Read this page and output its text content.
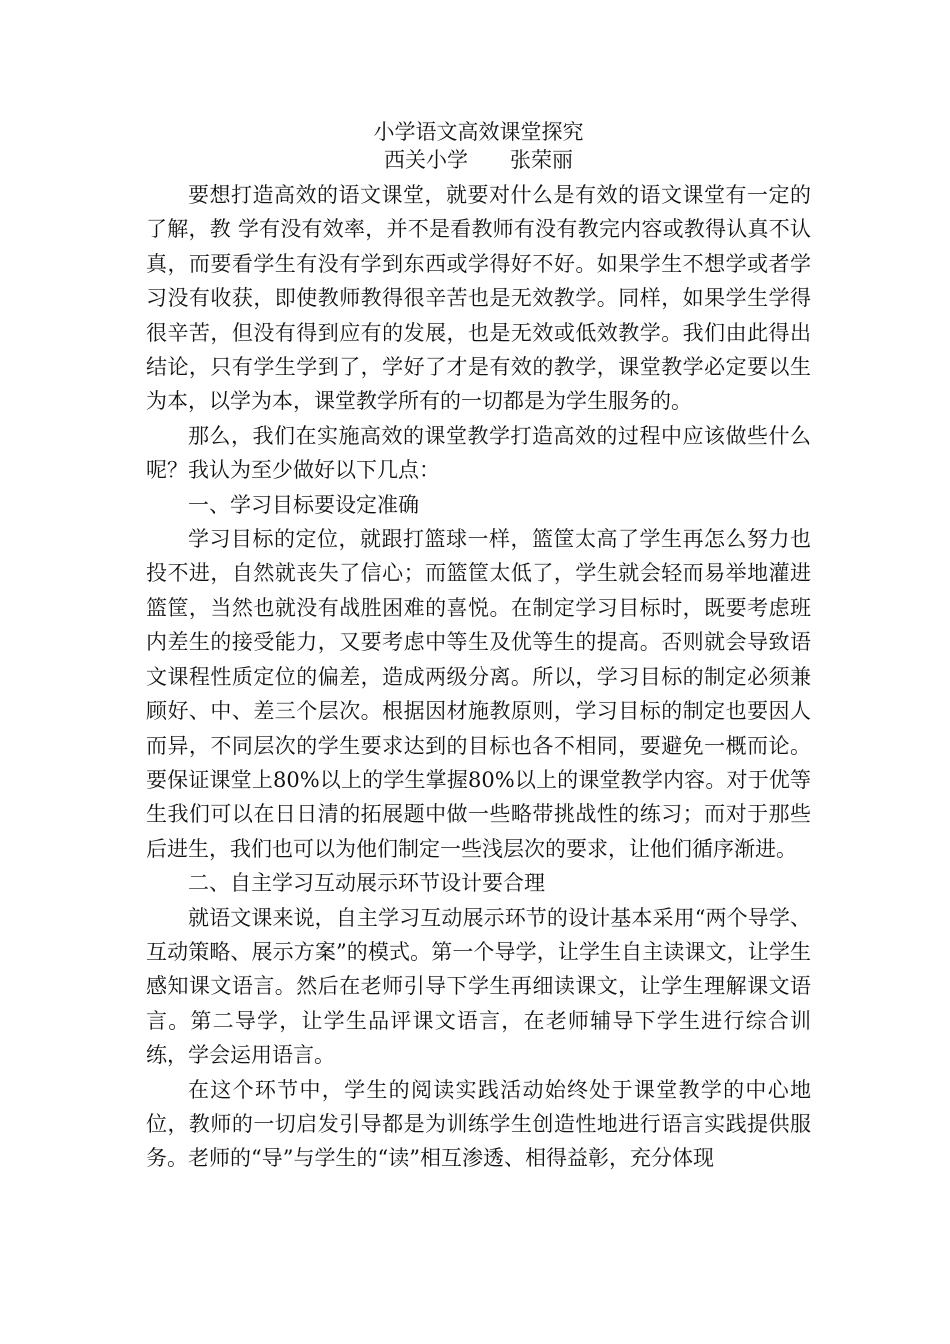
小学语文高效课堂探究

西关小学　　张荣丽

要想打造高效的语文课堂，就要对什么是有效的语文课堂有一定的了解，教 学有没有效率，并不是看教师有没有教完内容或教得认真不认真，而要看学生有没有学到东西或学得好不好。如果学生不想学或者学习没有收获，即使教师教得很辛苦也是无效教学。同样，如果学生学得很辛苦，但没有得到应有的发展，也是无效或低效教学。我们由此得出结论，只有学生学到了，学好了才是有效的教学，课堂教学必定要以生为本，以学为本，课堂教学所有的一切都是为学生服务的。

那么，我们在实施高效的课堂教学打造高效的过程中应该做些什么呢？我认为至少做好以下几点：

一、学习目标要设定准确

学习目标的定位，就跟打篮球一样，篮筐太高了学生再怎么努力也投不进，自然就丧失了信心；而篮筐太低了，学生就会轻而易举地灌进篮筐，当然也就没有战胜困难的喜悦。在制定学习目标时，既要考虑班内差生的接受能力，又要考虑中等生及优等生的提高。否则就会导致语文课程性质定位的偏差，造成两级分离。所以，学习目标的制定必须兼顾好、中、差三个层次。根据因材施教原则，学习目标的制定也要因人而异，不同层次的学生要求达到的目标也各不相同，要避免一概而论。要保证课堂上80%以上的学生掌握80%以上的课堂教学内容。对于优等生我们可以在日日清的拓展题中做一些略带挑战性的练习；而对于那些后进生，我们也可以为他们制定一些浅层次的要求，让他们循序渐进。

二、自主学习互动展示环节设计要合理

就语文课来说，自主学习互动展示环节的设计基本采用“两个导学、互动策略、展示方案”的模式。第一个导学，让学生自主读课文，让学生感知课文语言。然后在老师引导下学生再细读课文，让学生理解课文语言。第二导学，让学生品评课文语言，在老师辅导下学生进行综合训练，学会运用语言。

在这个环节中，学生的阅读实践活动始终处于课堂教学的中心地位，教师的一切启发引导都是为训练学生创造性地进行语言实践提供服务。老师的“导”与学生的“读”相互渗透、相得益彰，充分体现
